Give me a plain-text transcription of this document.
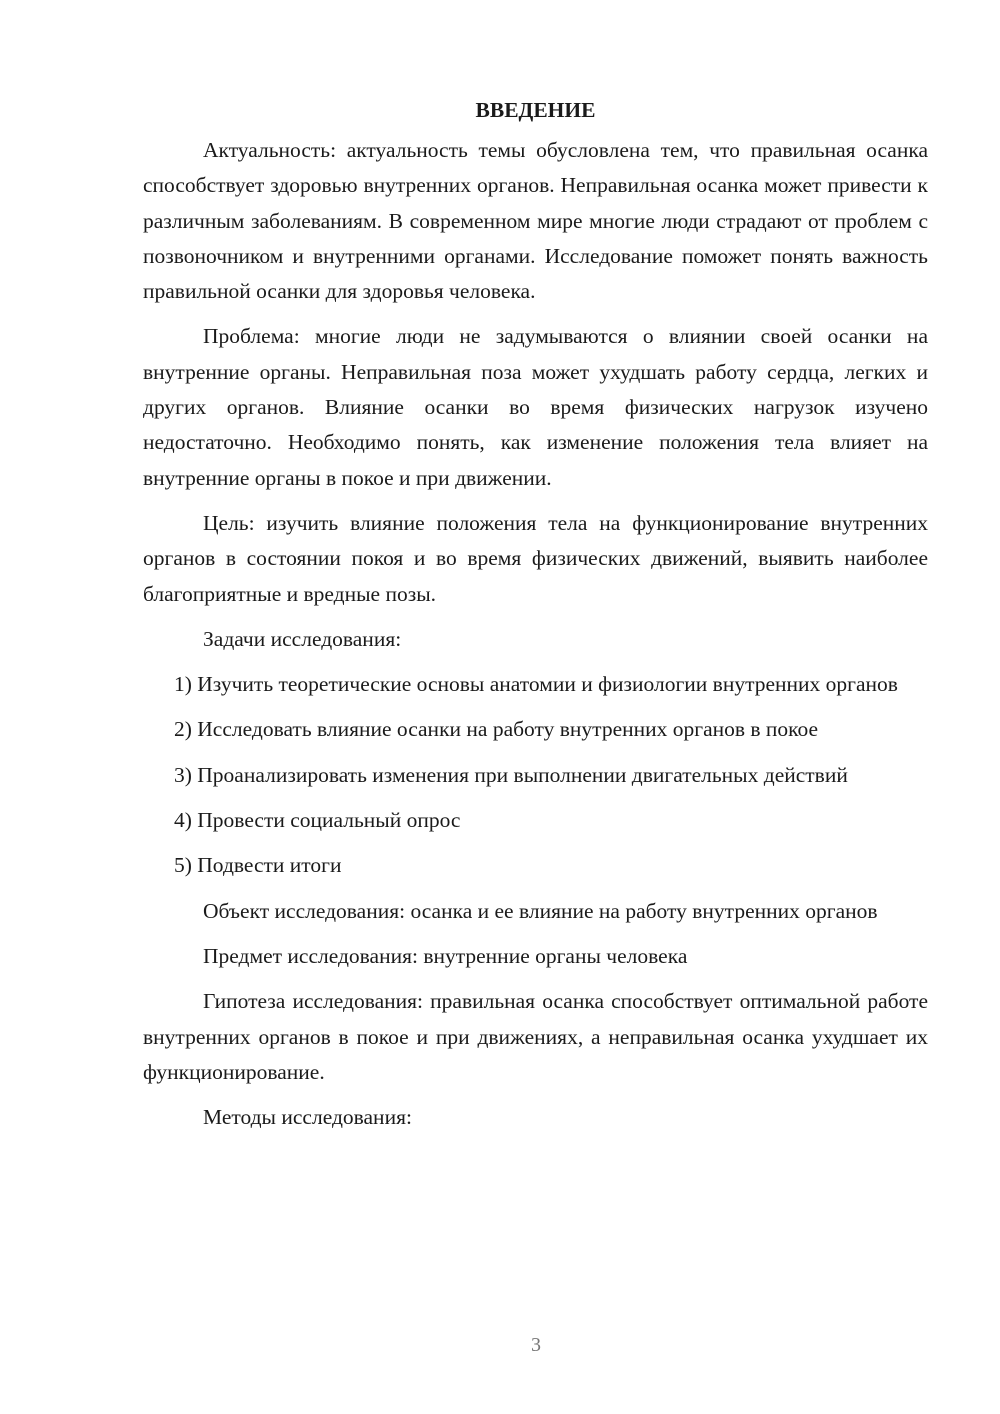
ВВЕДЕНИЕ

Актуальность: актуальность темы обусловлена тем, что правильная осанка способствует здоровью внутренних органов. Неправильная осанка может привести к различным заболеваниям. В современном мире многие люди страдают от проблем с позвоночником и внутренними органами. Исследование поможет понять важность правильной осанки для здоровья человека.

Проблема: многие люди не задумываются о влиянии своей осанки на внутренние органы. Неправильная поза может ухудшать работу сердца, легких и других органов. Влияние осанки во время физических нагрузок изучено недостаточно. Необходимо понять, как изменение положения тела влияет на внутренние органы в покое и при движении.

Цель: изучить влияние положения тела на функционирование внутренних органов в состоянии покоя и во время физических движений, выявить наиболее благоприятные и вредные позы.

Задачи исследования:

1) Изучить теоретические основы анатомии и физиологии внутренних органов

2) Исследовать влияние осанки на работу внутренних органов в покое

3) Проанализировать изменения при выполнении двигательных действий

4) Провести социальный опрос

5) Подвести итоги

Объект исследования: осанка и ее влияние на работу внутренних органов

Предмет исследования: внутренние органы человека

Гипотеза исследования: правильная осанка способствует оптимальной работе внутренних органов в покое и при движениях, а неправильная осанка ухудшает их функционирование.

Методы исследования:

3
